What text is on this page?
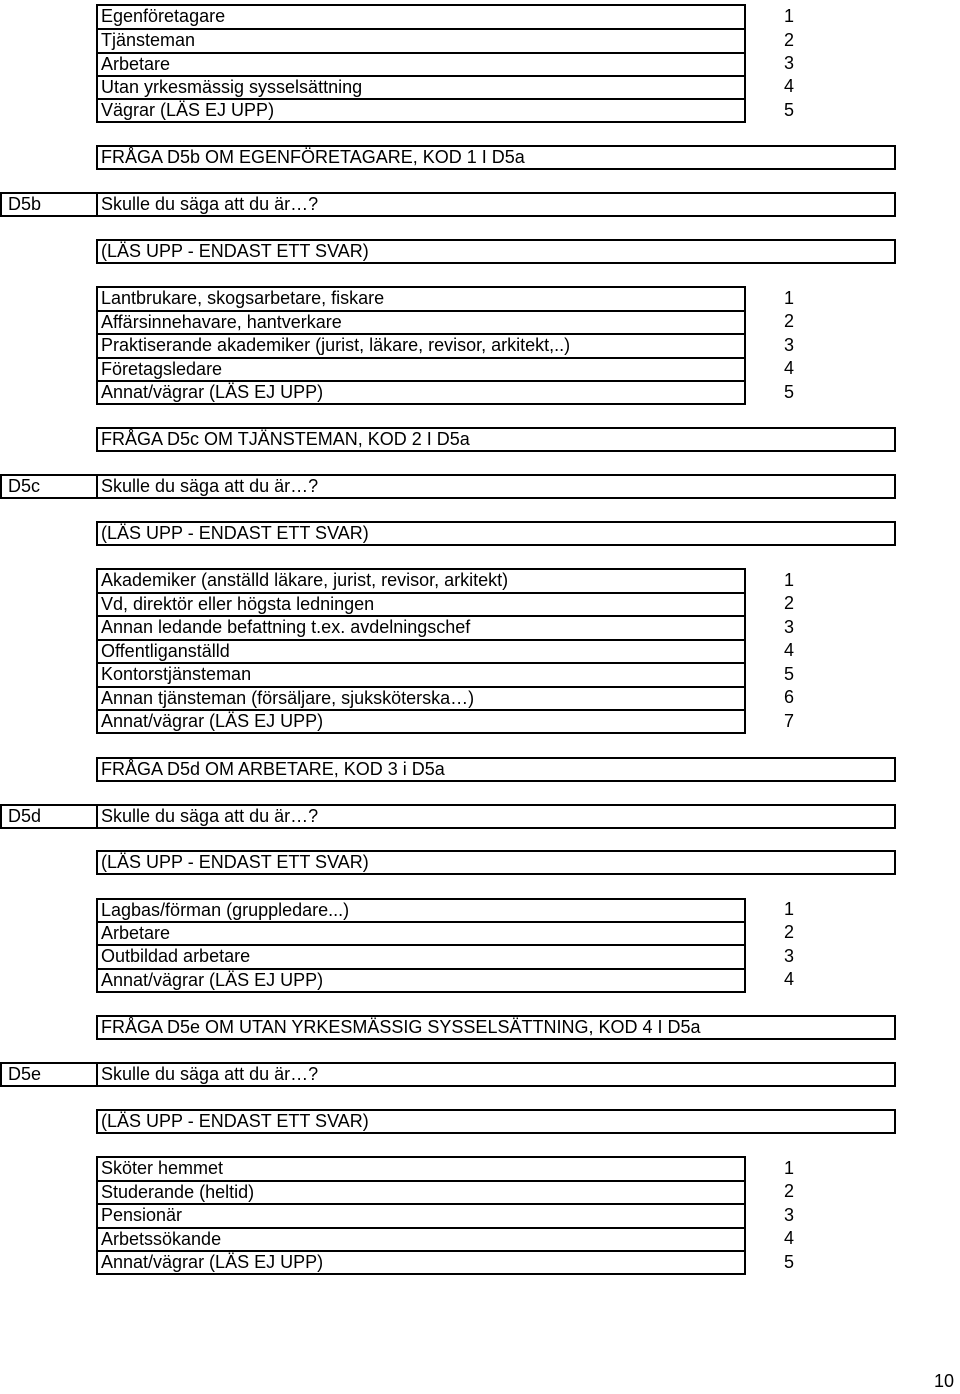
Egenföretagare	1
Tjänsteman	2
Arbetare	3
Utan yrkesmässig sysselsättning	4
Vägrar (LÄS EJ UPP)	5
FRÅGA D5b OM EGENFÖRETAGARE, KOD 1 I D5a
D5b	Skulle du säga att du är…?
(LÄS UPP - ENDAST ETT SVAR)
Lantbrukare, skogsarbetare, fiskare	1
Affärsinnehavare, hantverkare	2
Praktiserande akademiker (jurist, läkare, revisor, arkitekt,..)	3
Företagsledare	4
Annat/vägrar (LÄS EJ UPP)	5
FRÅGA D5c OM TJÄNSTEMAN, KOD 2 I D5a
D5c	Skulle du säga att du är…?
(LÄS UPP - ENDAST ETT SVAR)
Akademiker (anställd läkare, jurist, revisor, arkitekt)	1
Vd, direktör eller högsta ledningen	2
Annan ledande befattning t.ex. avdelningschef	3
Offentliganställd	4
Kontorstjänsteman	5
Annan tjänsteman (försäljare, sjuksköterska…)	6
Annat/vägrar (LÄS EJ UPP)	7
FRÅGA D5d OM ARBETARE, KOD 3 i D5a
D5d	Skulle du säga att du är…?
(LÄS UPP - ENDAST ETT SVAR)
Lagbas/förman (gruppledare...)	1
Arbetare	2
Outbildad arbetare	3
Annat/vägrar (LÄS EJ UPP)	4
FRÅGA D5e OM UTAN YRKESMÄSSIG SYSSELSÄTTNING, KOD 4 I D5a
D5e	Skulle du säga att du är…?
(LÄS UPP - ENDAST ETT SVAR)
Sköter hemmet	1
Studerande (heltid)	2
Pensionär	3
Arbetssökande	4
Annat/vägrar (LÄS EJ UPP)	5
10
